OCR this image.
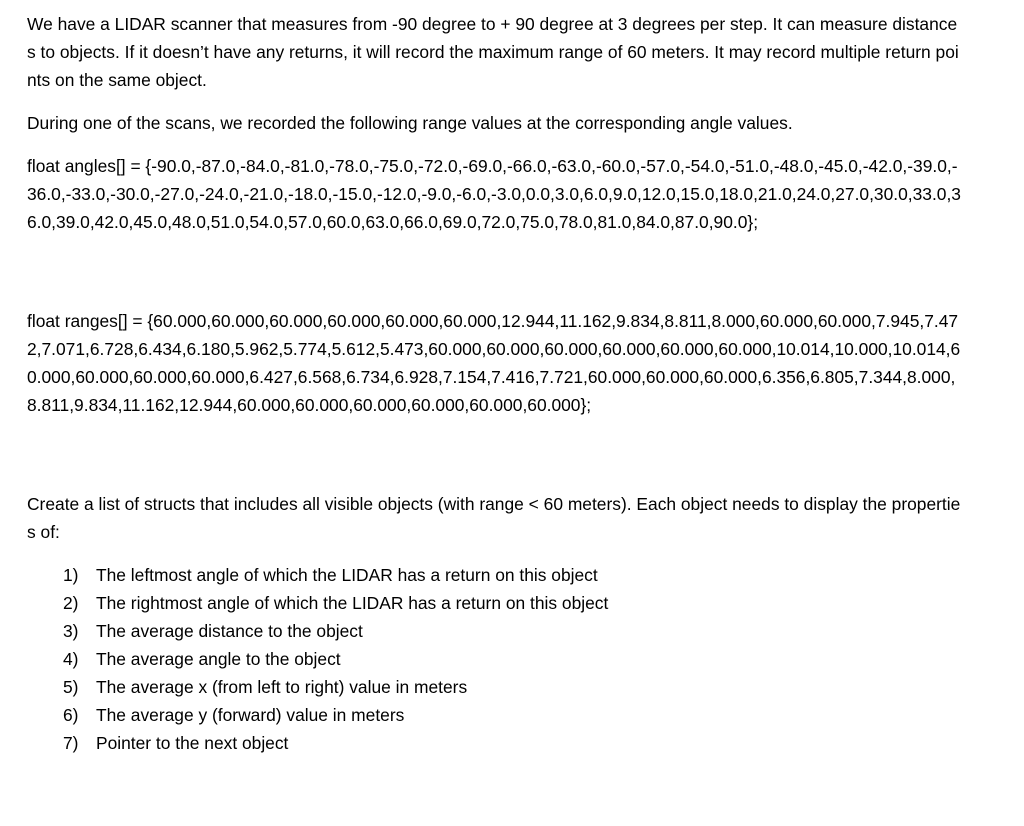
We have a LIDAR scanner that measures from -90 degree to + 90 degree at 3 degrees per step. It can measure distances to objects. If it doesn’t have any returns, it will record the maximum range of 60 meters. It may record multiple return points on the same object.

During one of the scans, we recorded the following range values at the corresponding angle values.

float angles[] = {-90.0,-87.0,-84.0,-81.0,-78.0,-75.0,-72.0,-69.0,-66.0,-63.0,-60.0,-57.0,-54.0,-51.0,-48.0,-45.0,-42.0,-39.0,-36.0,-33.0,-30.0,-27.0,-24.0,-21.0,-18.0,-15.0,-12.0,-9.0,-6.0,-3.0,0.0,3.0,6.0,9.0,12.0,15.0,18.0,21.0,24.0,27.0,30.0,33.0,36.0,39.0,42.0,45.0,48.0,51.0,54.0,57.0,60.0,63.0,66.0,69.0,72.0,75.0,78.0,81.0,84.0,87.0,90.0};

float ranges[] = {60.000,60.000,60.000,60.000,60.000,60.000,12.944,11.162,9.834,8.811,8.000,60.000,60.000,7.945,7.472,7.071,6.728,6.434,6.180,5.962,5.774,5.612,5.473,60.000,60.000,60.000,60.000,60.000,60.000,10.014,10.000,10.014,60.000,60.000,60.000,60.000,6.427,6.568,6.734,6.928,7.154,7.416,7.721,60.000,60.000,60.000,6.356,6.805,7.344,8.000,8.811,9.834,11.162,12.944,60.000,60.000,60.000,60.000,60.000,60.000};

Create a list of structs that includes all visible objects (with range < 60 meters). Each object needs to display the properties of:

1)	The leftmost angle of which the LIDAR has a return on this object
2)	The rightmost angle of which the LIDAR has a return on this object
3)	The average distance to the object
4)	The average angle to the object
5)	The average x (from left to right) value in meters
6)	The average y (forward) value in meters
7)	Pointer to the next object
